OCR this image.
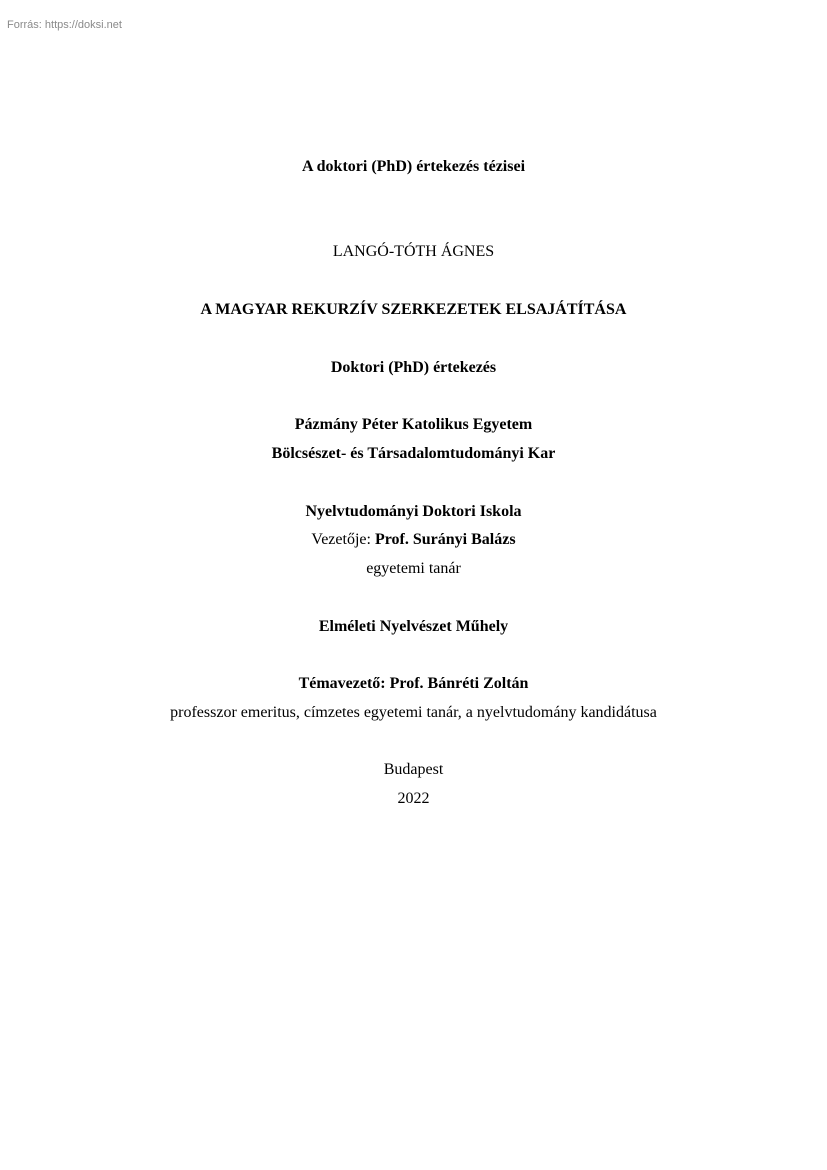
Forrás: https://doksi.net
A doktori (PhD) értekezés tézisei
LANGÓ-TÓTH ÁGNES
A MAGYAR REKURZÍV SZERKEZETEK ELSAJÁTÍTÁSA
Doktori (PhD) értekezés
Pázmány Péter Katolikus Egyetem
Bölcsészet- és Társadalomtudományi Kar
Nyelvtudományi Doktori Iskola
Vezetője: Prof. Surányi Balázs
egyetemi tanár
Elméleti Nyelvészet Műhely
Témavezető: Prof. Bánréti Zoltán
professzor emeritus, címzetes egyetemi tanár, a nyelvtudomány kandidátusa
Budapest
2022
